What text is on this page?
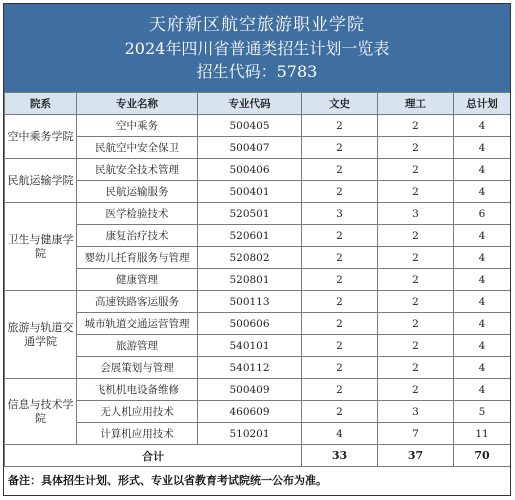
天府新区航空旅游职业学院
2024年四川省普通类招生计划一览表
招生代码：5783
院系	专业名称	专业代码	文史	理工	总计划
空中乘务学院	空中乘务	500405	2	2	4
	民航空中安全保卫	500407	2	2	4
民航运输学院	民航安全技术管理	500406	2	2	4
	民航运输服务	500401	2	2	4
卫生与健康学院	医学检验技术	520501	3	3	6
	康复治疗技术	520601	2	2	4
	婴幼儿托育服务与管理	520802	2	2	4
	健康管理	520801	2	2	4
旅游与轨道交通学院	高速铁路客运服务	500113	2	2	4
	城市轨道交通运营管理	500606	2	2	4
	旅游管理	540101	2	2	4
	会展策划与管理	540112	2	2	4
信息与技术学院	飞机机电设备维修	500409	2	2	4
	无人机应用技术	460609	2	3	5
	计算机应用技术	510201	4	7	11
合计			33	37	70
备注：具体招生计划、形式、专业以省教育考试院统一公布为准。
